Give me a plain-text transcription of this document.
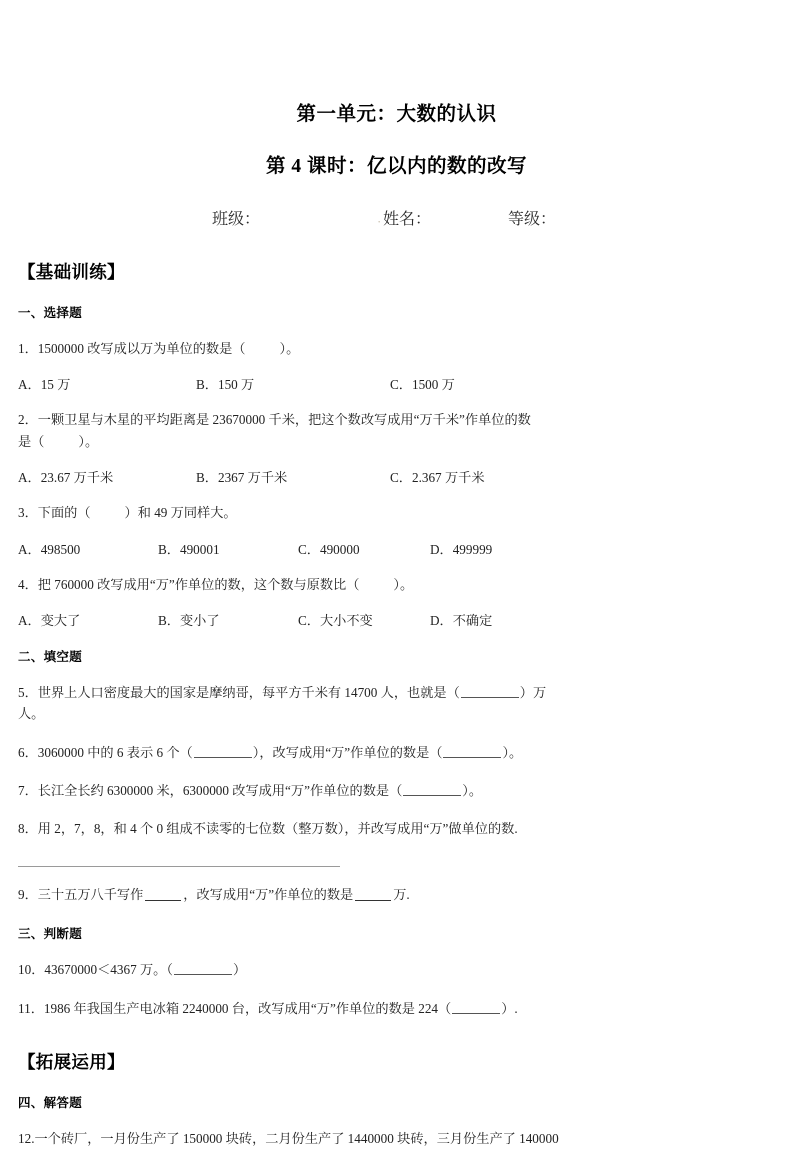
第一单元：大数的认识
第 4 课时：亿以内的数的改写
班级：	· 姓名：	等级：
【基础训练】
一、选择题
1．1500000 改写成以万为单位的数是（	）。
A．15 万	B．150 万	C．1500 万
2．一颗卫星与木星的平均距离是 23670000 千米，把这个数改写成用“万千米”作单位的数
是（	）。
A．23.67 万千米	B．2367 万千米	C．2.367 万千米
3．下面的（	）和 49 万同样大。
A．498500	B．490001	C．490000	D．499999
4．把 760000 改写成用“万”作单位的数，这个数与原数比（	）。
A．变大了	B．变小了	C．大小不变	D．不确定
二、填空题
5．世界上人口密度最大的国家是摩纳哥，每平方千米有 14700 人，也就是（	）万
人。
6．3060000 中的 6 表示 6 个（	），改写成用“万”作单位的数是（	）。
7．长江全长约 6300000 米，6300000 改写成用“万”作单位的数是（	）。
8．用 2，7，8，和 4 个 0 组成不读零的七位数（整万数），并改写成用“万”做单位的数.
9．三十五万八千写作	，改写成用“万”作单位的数是	万.
三、判断题
10．43670000＜4367 万。（	）
11．1986 年我国生产电冰箱 2240000 台，改写成用“万”作单位的数是 224（	）.
【拓展运用】
四、解答题
12.一个砖厂，一月份生产了 150000 块砖，二月份生产了 1440000 块砖，三月份生产了 140000
